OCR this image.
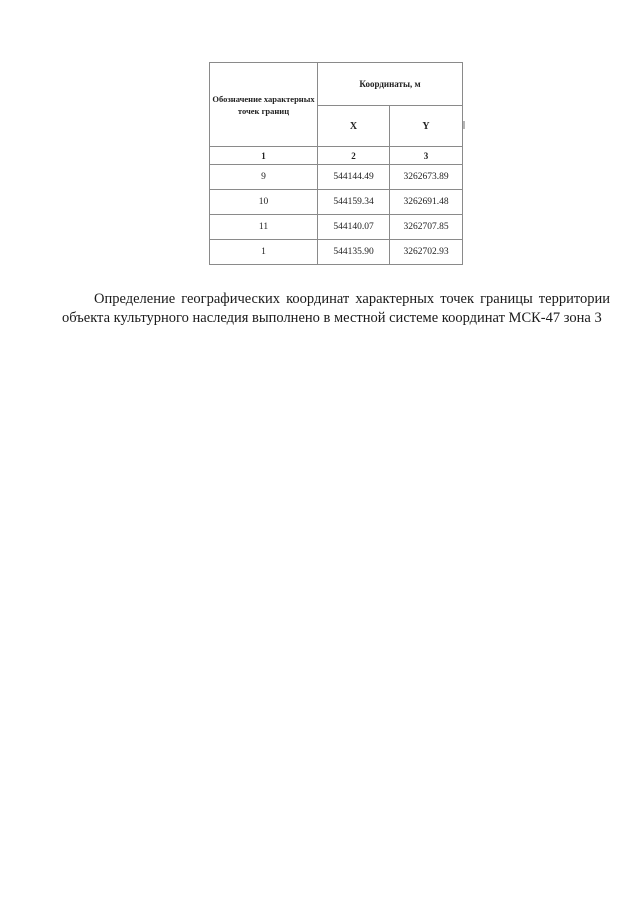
Обозначение характерных точек границ	Координаты, м	
	X	Y
1	2	3
9	544144.49	3262673.89
10	544159.34	3262691.48
11	544140.07	3262707.85
1	544135.90	3262702.93

Определение географических координат характерных точек границы территории объекта культурного наследия выполнено в местной системе координат МСК-47 зона 3
